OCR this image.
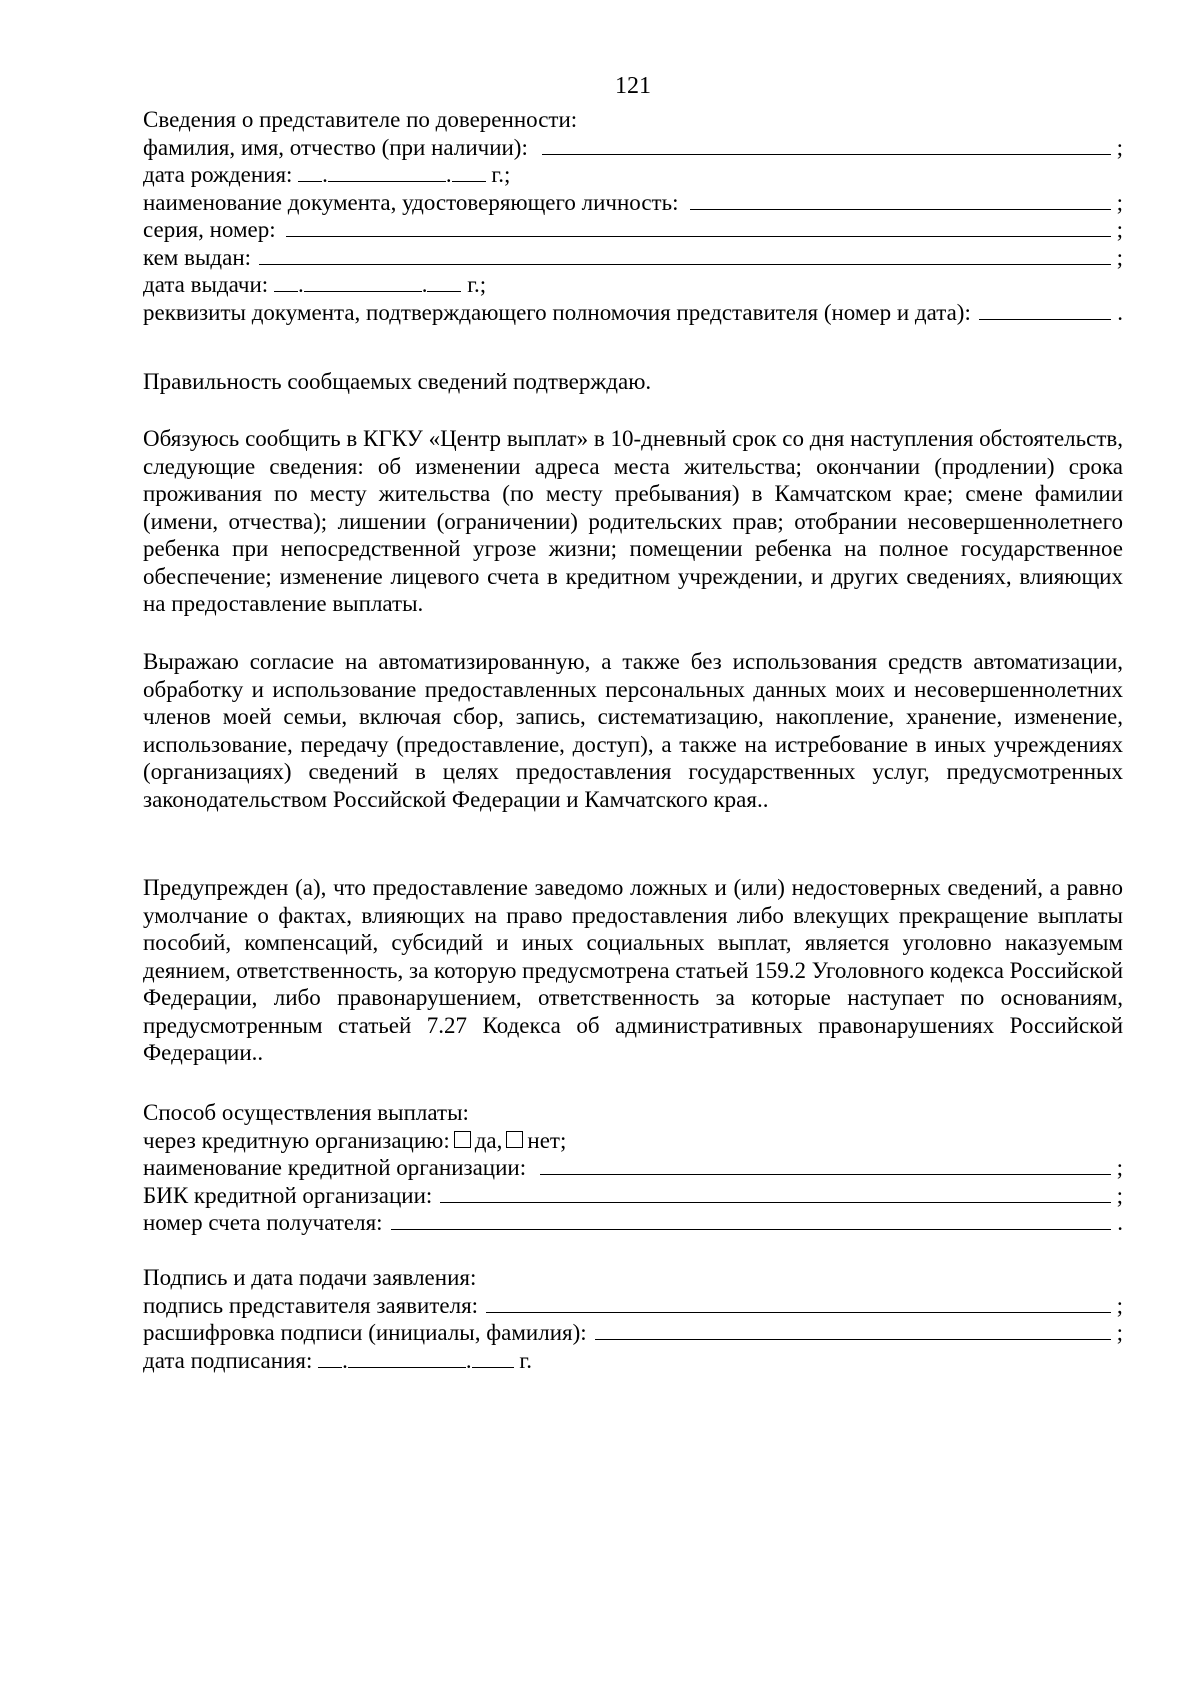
121
Сведения о представителе по доверенности:
фамилия, имя, отчество (при наличии):	;
дата рождения:	.	.	г.;
наименование документа, удостоверяющего личность:	;
серия, номер:	;
кем выдан:	;
дата выдачи:	.	.	г.;
реквизиты документа, подтверждающего полномочия представителя (номер и дата):	.

Правильность сообщаемых сведений подтверждаю.

Обязуюсь сообщить в КГКУ «Центр выплат» в 10-дневный срок со дня наступления обстоятельств, следующие сведения: об изменении адреса места жительства; окончании (продлении) срока проживания по месту жительства (по месту пребывания) в Камчатском крае; смене фамилии (имени, отчества); лишении (ограничении) родительских прав; отобрании несовершеннолетнего ребенка при непосредственной угрозе жизни; помещении ребенка на полное государственное обеспечение; изменение лицевого счета в кредитном учреждении, и других сведениях, влияющих на предоставление выплаты.

Выражаю согласие на автоматизированную, а также без использования средств автоматизации, обработку и использование предоставленных персональных данных моих и несовершеннолетних членов моей семьи, включая сбор, запись, систематизацию, накопление, хранение, изменение, использование, передачу (предоставление, доступ), а также на истребование в иных учреждениях (организациях) сведений в целях предоставления государственных услуг, предусмотренных законодательством Российской Федерации и Камчатского края..

Предупрежден (а), что предоставление заведомо ложных и (или) недостоверных сведений, а равно умолчание о фактах, влияющих на право предоставления либо влекущих прекращение выплаты пособий, компенсаций, субсидий и иных социальных выплат, является уголовно наказуемым деянием, ответственность, за которую предусмотрена статьей 159.2 Уголовного кодекса Российской Федерации, либо правонарушением, ответственность за которые наступает по основаниям, предусмотренным статьей 7.27 Кодекса об административных правонарушениях Российской Федерации..

Способ осуществления выплаты:
через кредитную организацию: да, нет;
наименование кредитной организации:	;
БИК кредитной организации:	;
номер счета получателя:	.
Подпись и дата подачи заявления:
подпись представителя заявителя:	;
расшифровка подписи (инициалы, фамилия):	;
дата подписания:	.	.	г.
